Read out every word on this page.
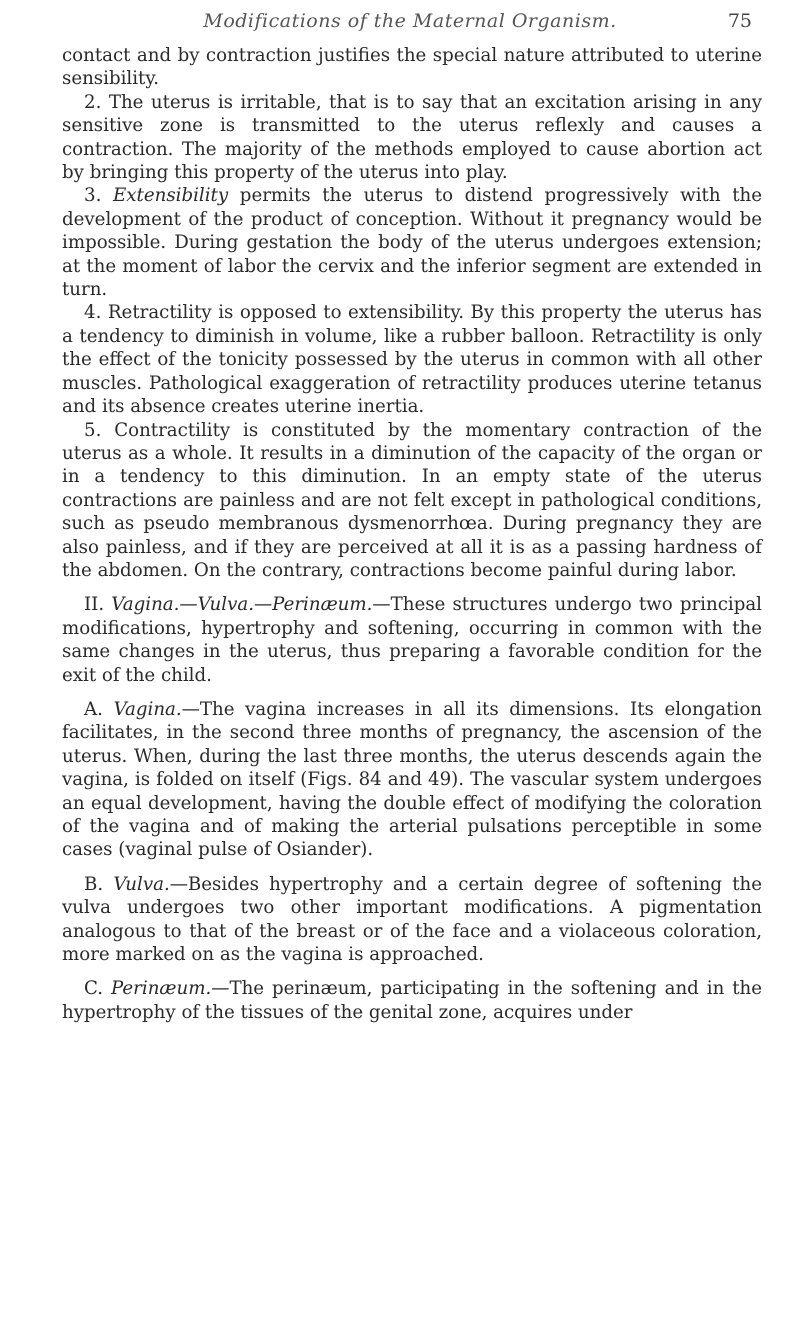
Modifications of the Maternal Organism.	75

contact and by contraction justifies the special nature attributed to uterine sensibility.

2. The uterus is irritable, that is to say that an excitation arising in any sensitive zone is transmitted to the uterus reflexly and causes a contraction. The majority of the methods employed to cause abortion act by bringing this property of the uterus into play.

3. Extensibility permits the uterus to distend progressively with the development of the product of conception. Without it pregnancy would be impossible. During gestation the body of the uterus undergoes extension; at the moment of labor the cervix and the inferior segment are extended in turn.

4. Retractility is opposed to extensibility. By this property the uterus has a tendency to diminish in volume, like a rubber balloon. Retractility is only the effect of the tonicity possessed by the uterus in common with all other muscles. Pathological exaggeration of retractility produces uterine tetanus and its absence creates uterine inertia.

5. Contractility is constituted by the momentary contraction of the uterus as a whole. It results in a diminution of the capacity of the organ or in a tendency to this diminution. In an empty state of the uterus contractions are painless and are not felt except in pathological conditions, such as pseudo membranous dysmenorrhœa. During pregnancy they are also painless, and if they are perceived at all it is as a passing hardness of the abdomen. On the contrary, contractions become painful during labor.

II. Vagina.—Vulva.—Perinæum.—These structures undergo two principal modifications, hypertrophy and softening, occurring in common with the same changes in the uterus, thus preparing a favorable condition for the exit of the child.

A. Vagina.—The vagina increases in all its dimensions. Its elongation facilitates, in the second three months of pregnancy, the ascension of the uterus. When, during the last three months, the uterus descends again the vagina, is folded on itself (Figs. 84 and 49). The vascular system undergoes an equal development, having the double effect of modifying the coloration of the vagina and of making the arterial pulsations perceptible in some cases (vaginal pulse of Osiander).

B. Vulva.—Besides hypertrophy and a certain degree of softening the vulva undergoes two other important modifications. A pigmentation analogous to that of the breast or of the face and a violaceous coloration, more marked on as the vagina is approached.

C. Perinæum.—The perinæum, participating in the softening and in the hypertrophy of the tissues of the genital zone, acquires under
